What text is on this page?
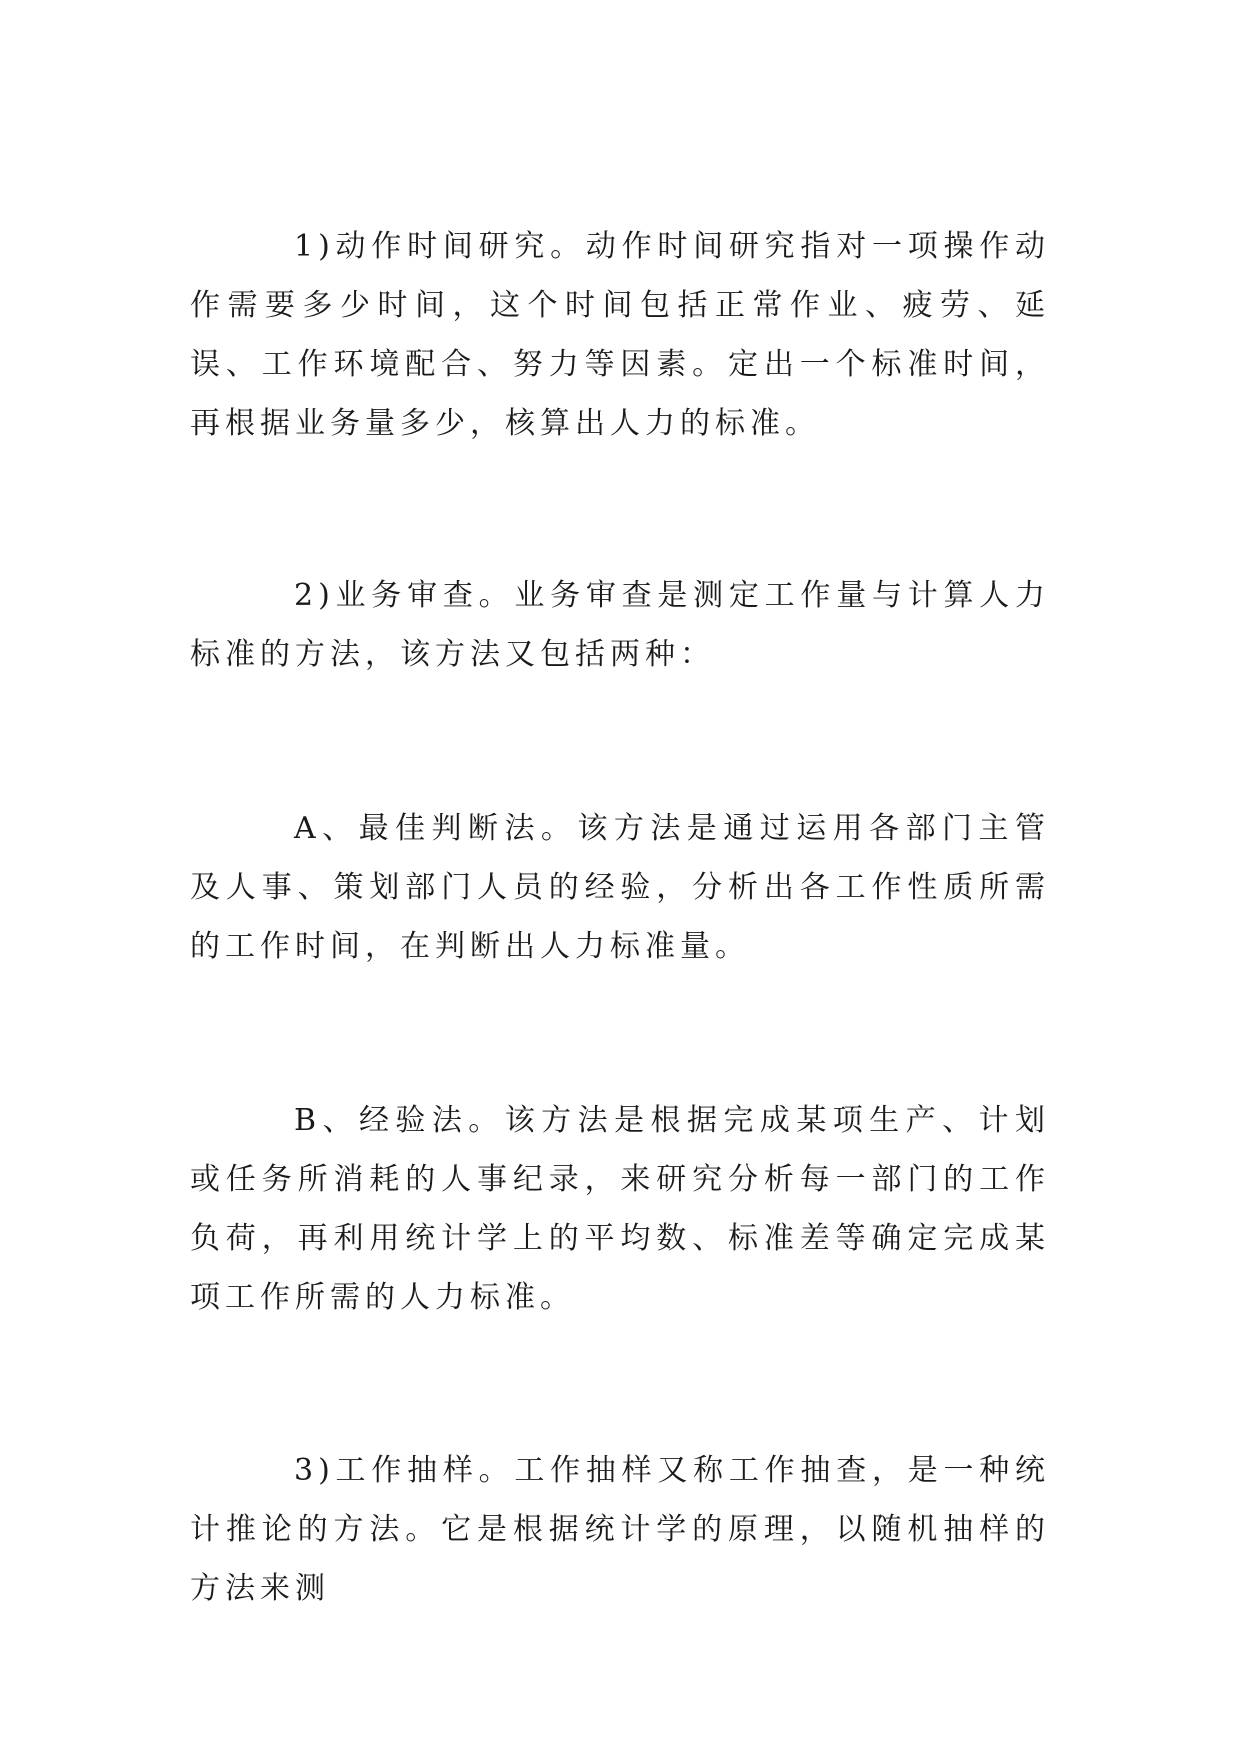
1)动作时间研究。动作时间研究指对一项操作动作需要多少时间，这个时间包括正常作业、疲劳、延误、工作环境配合、努力等因素。定出一个标准时间，再根据业务量多少，核算出人力的标准。

2)业务审查。业务审查是测定工作量与计算人力标准的方法，该方法又包括两种：

A、最佳判断法。该方法是通过运用各部门主管及人事、策划部门人员的经验，分析出各工作性质所需的工作时间，在判断出人力标准量。

B、经验法。该方法是根据完成某项生产、计划或任务所消耗的人事纪录，来研究分析每一部门的工作负荷，再利用统计学上的平均数、标准差等确定完成某项工作所需的人力标准。

3)工作抽样。工作抽样又称工作抽查，是一种统计推论的方法。它是根据统计学的原理，以随机抽样的方法来测
